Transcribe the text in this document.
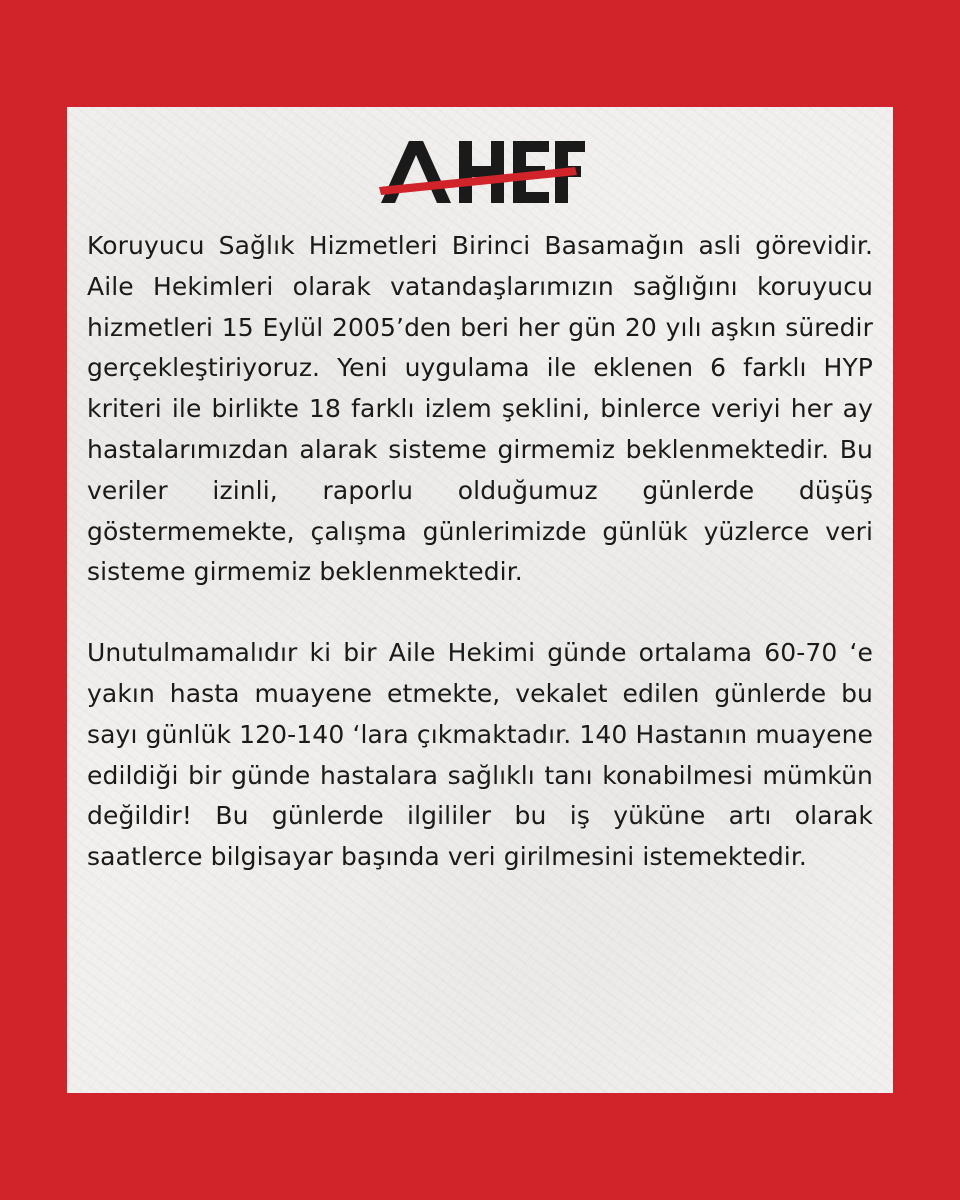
Koruyucu Sağlık Hizmetleri Birinci Basamağın asli görevidir. Aile Hekimleri olarak vatandaşlarımızın sağlığını koruyucu hizmetleri 15 Eylül 2005’den beri her gün 20 yılı aşkın süredir gerçekleştiriyoruz. Yeni uygulama ile eklenen 6 farklı HYP kriteri ile birlikte 18 farklı izlem şeklini, binlerce veriyi her ay hastalarımızdan alarak sisteme girmemiz beklenmektedir. Bu veriler izinli, raporlu olduğumuz günlerde düşüş göstermemekte, çalışma günlerimizde günlük yüzlerce veri sisteme girmemiz beklenmektedir.

Unutulmamalıdır ki bir Aile Hekimi günde ortalama 60-70 ‘e yakın hasta muayene etmekte, vekalet edilen günlerde bu sayı günlük 120-140 ‘lara çıkmaktadır. 140 Hastanın muayene edildiği bir günde hastalara sağlıklı tanı konabilmesi mümkün değildir! Bu günlerde ilgililer bu iş yüküne artı olarak saatlerce bilgisayar başında veri girilmesini istemektedir.
